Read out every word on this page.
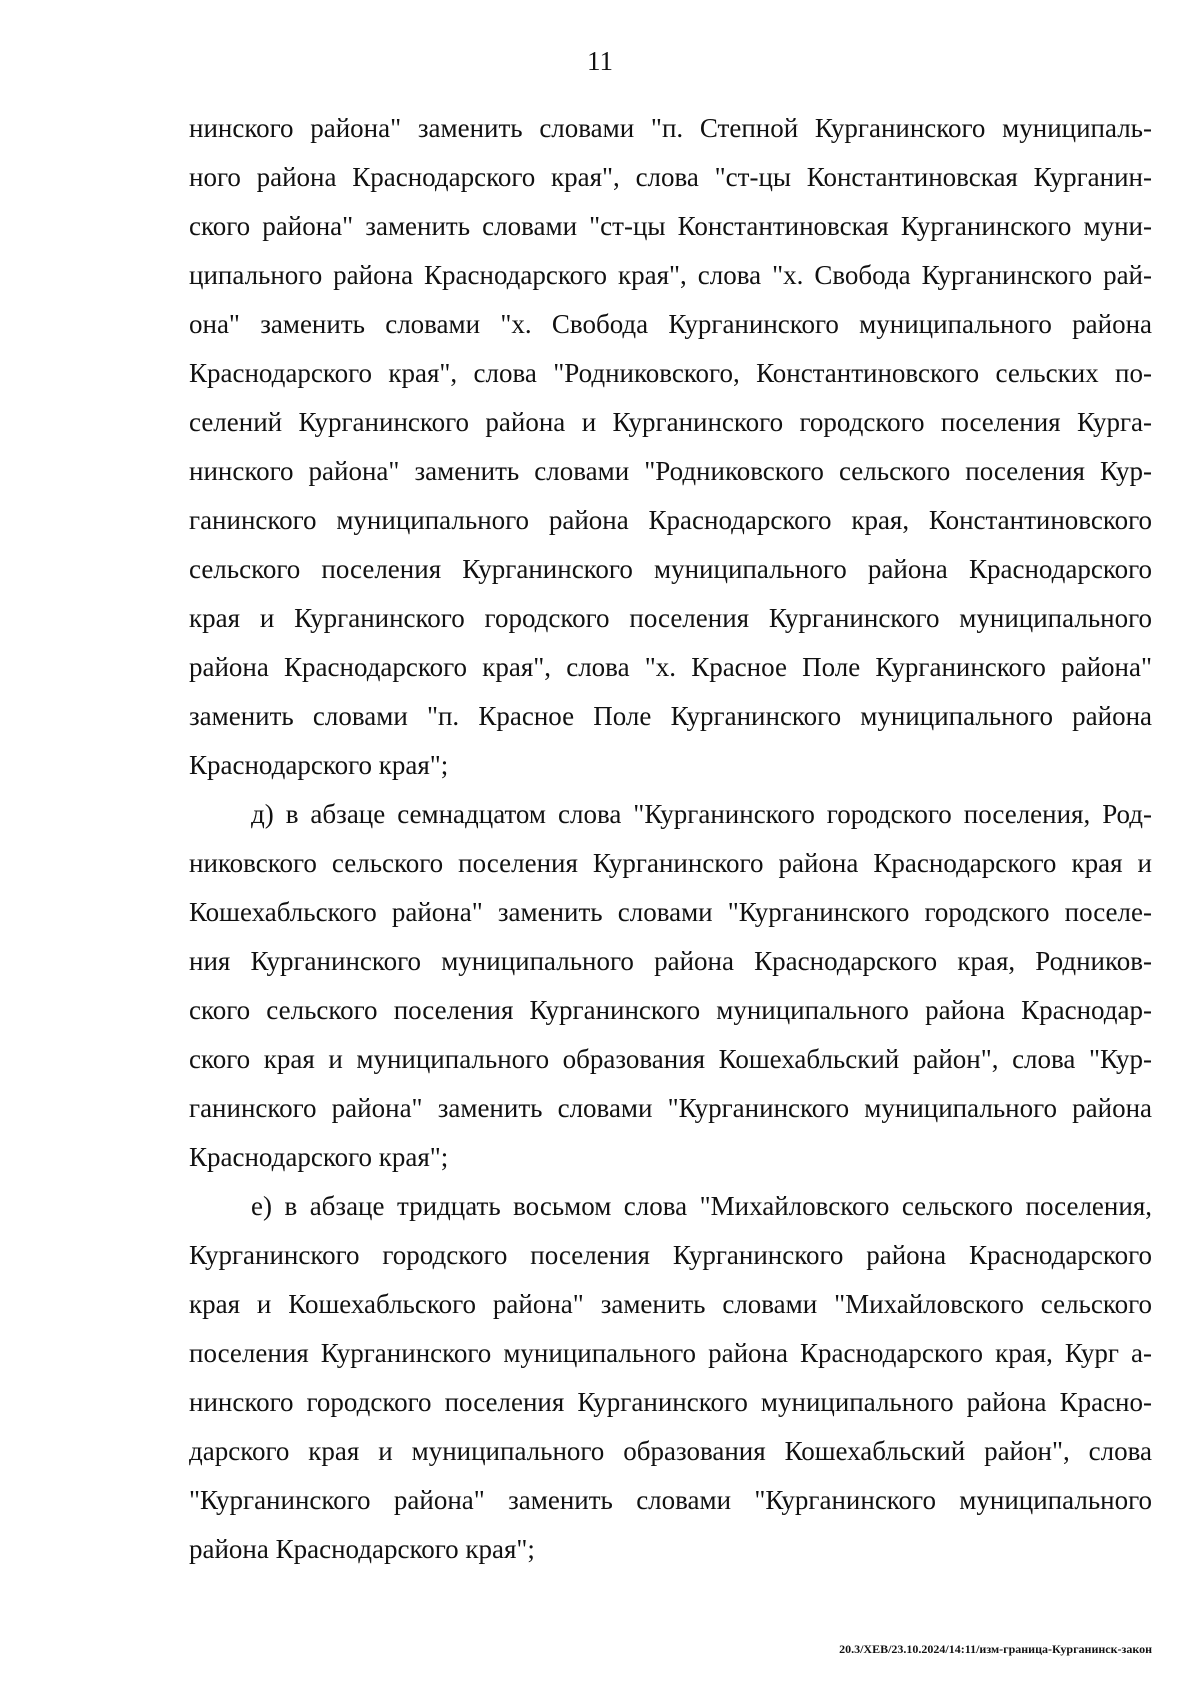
11
нинского района" заменить словами "п. Степной Курганинского муниципаль-
ного района Краснодарского края", слова "ст-цы Константиновская Курганин-
ского района" заменить словами "ст-цы Константиновская Курганинского муни-
ципального района Краснодарского края", слова "х. Свобода Курганинского рай-
она" заменить словами "х. Свобода Курганинского муниципального района
Краснодарского края", слова "Родниковского, Константиновского сельских по-
селений Курганинского района и Курганинского городского поселения Курга-
нинского района" заменить словами "Родниковского сельского поселения Кур-
ганинского муниципального района Краснодарского края, Константиновского
сельского поселения Курганинского муниципального района Краснодарского
края и Курганинского городского поселения Курганинского муниципального
района Краснодарского края", слова "х. Красное Поле Курганинского района"
заменить словами "п. Красное Поле Курганинского муниципального района
Краснодарского края";
д) в абзаце семнадцатом слова "Курганинского городского поселения, Род-
никовского сельского поселения Курганинского района Краснодарского края и
Кошехабльского района" заменить словами "Курганинского городского поселе-
ния Курганинского муниципального района Краснодарского края, Родников-
ского сельского поселения Курганинского муниципального района Краснодар-
ского края и муниципального образования Кошехабльский район", слова "Кур-
ганинского района" заменить словами "Курганинского муниципального района
Краснодарского края";
е) в абзаце тридцать восьмом слова "Михайловского сельского поселения,
Курганинского городского поселения Курганинского района Краснодарского
края и Кошехабльского района" заменить словами "Михайловского сельского
поселения Курганинского муниципального района Краснодарского края, Кург а-
нинского городского поселения Курганинского муниципального района Красно-
дарского края и муниципального образования Кошехабльский район", слова
"Курганинского района" заменить словами "Курганинского муниципального
района Краснодарского края";
20.3/ХЕВ/23.10.2024/14:11/изм-граница-Курганинск-закон
